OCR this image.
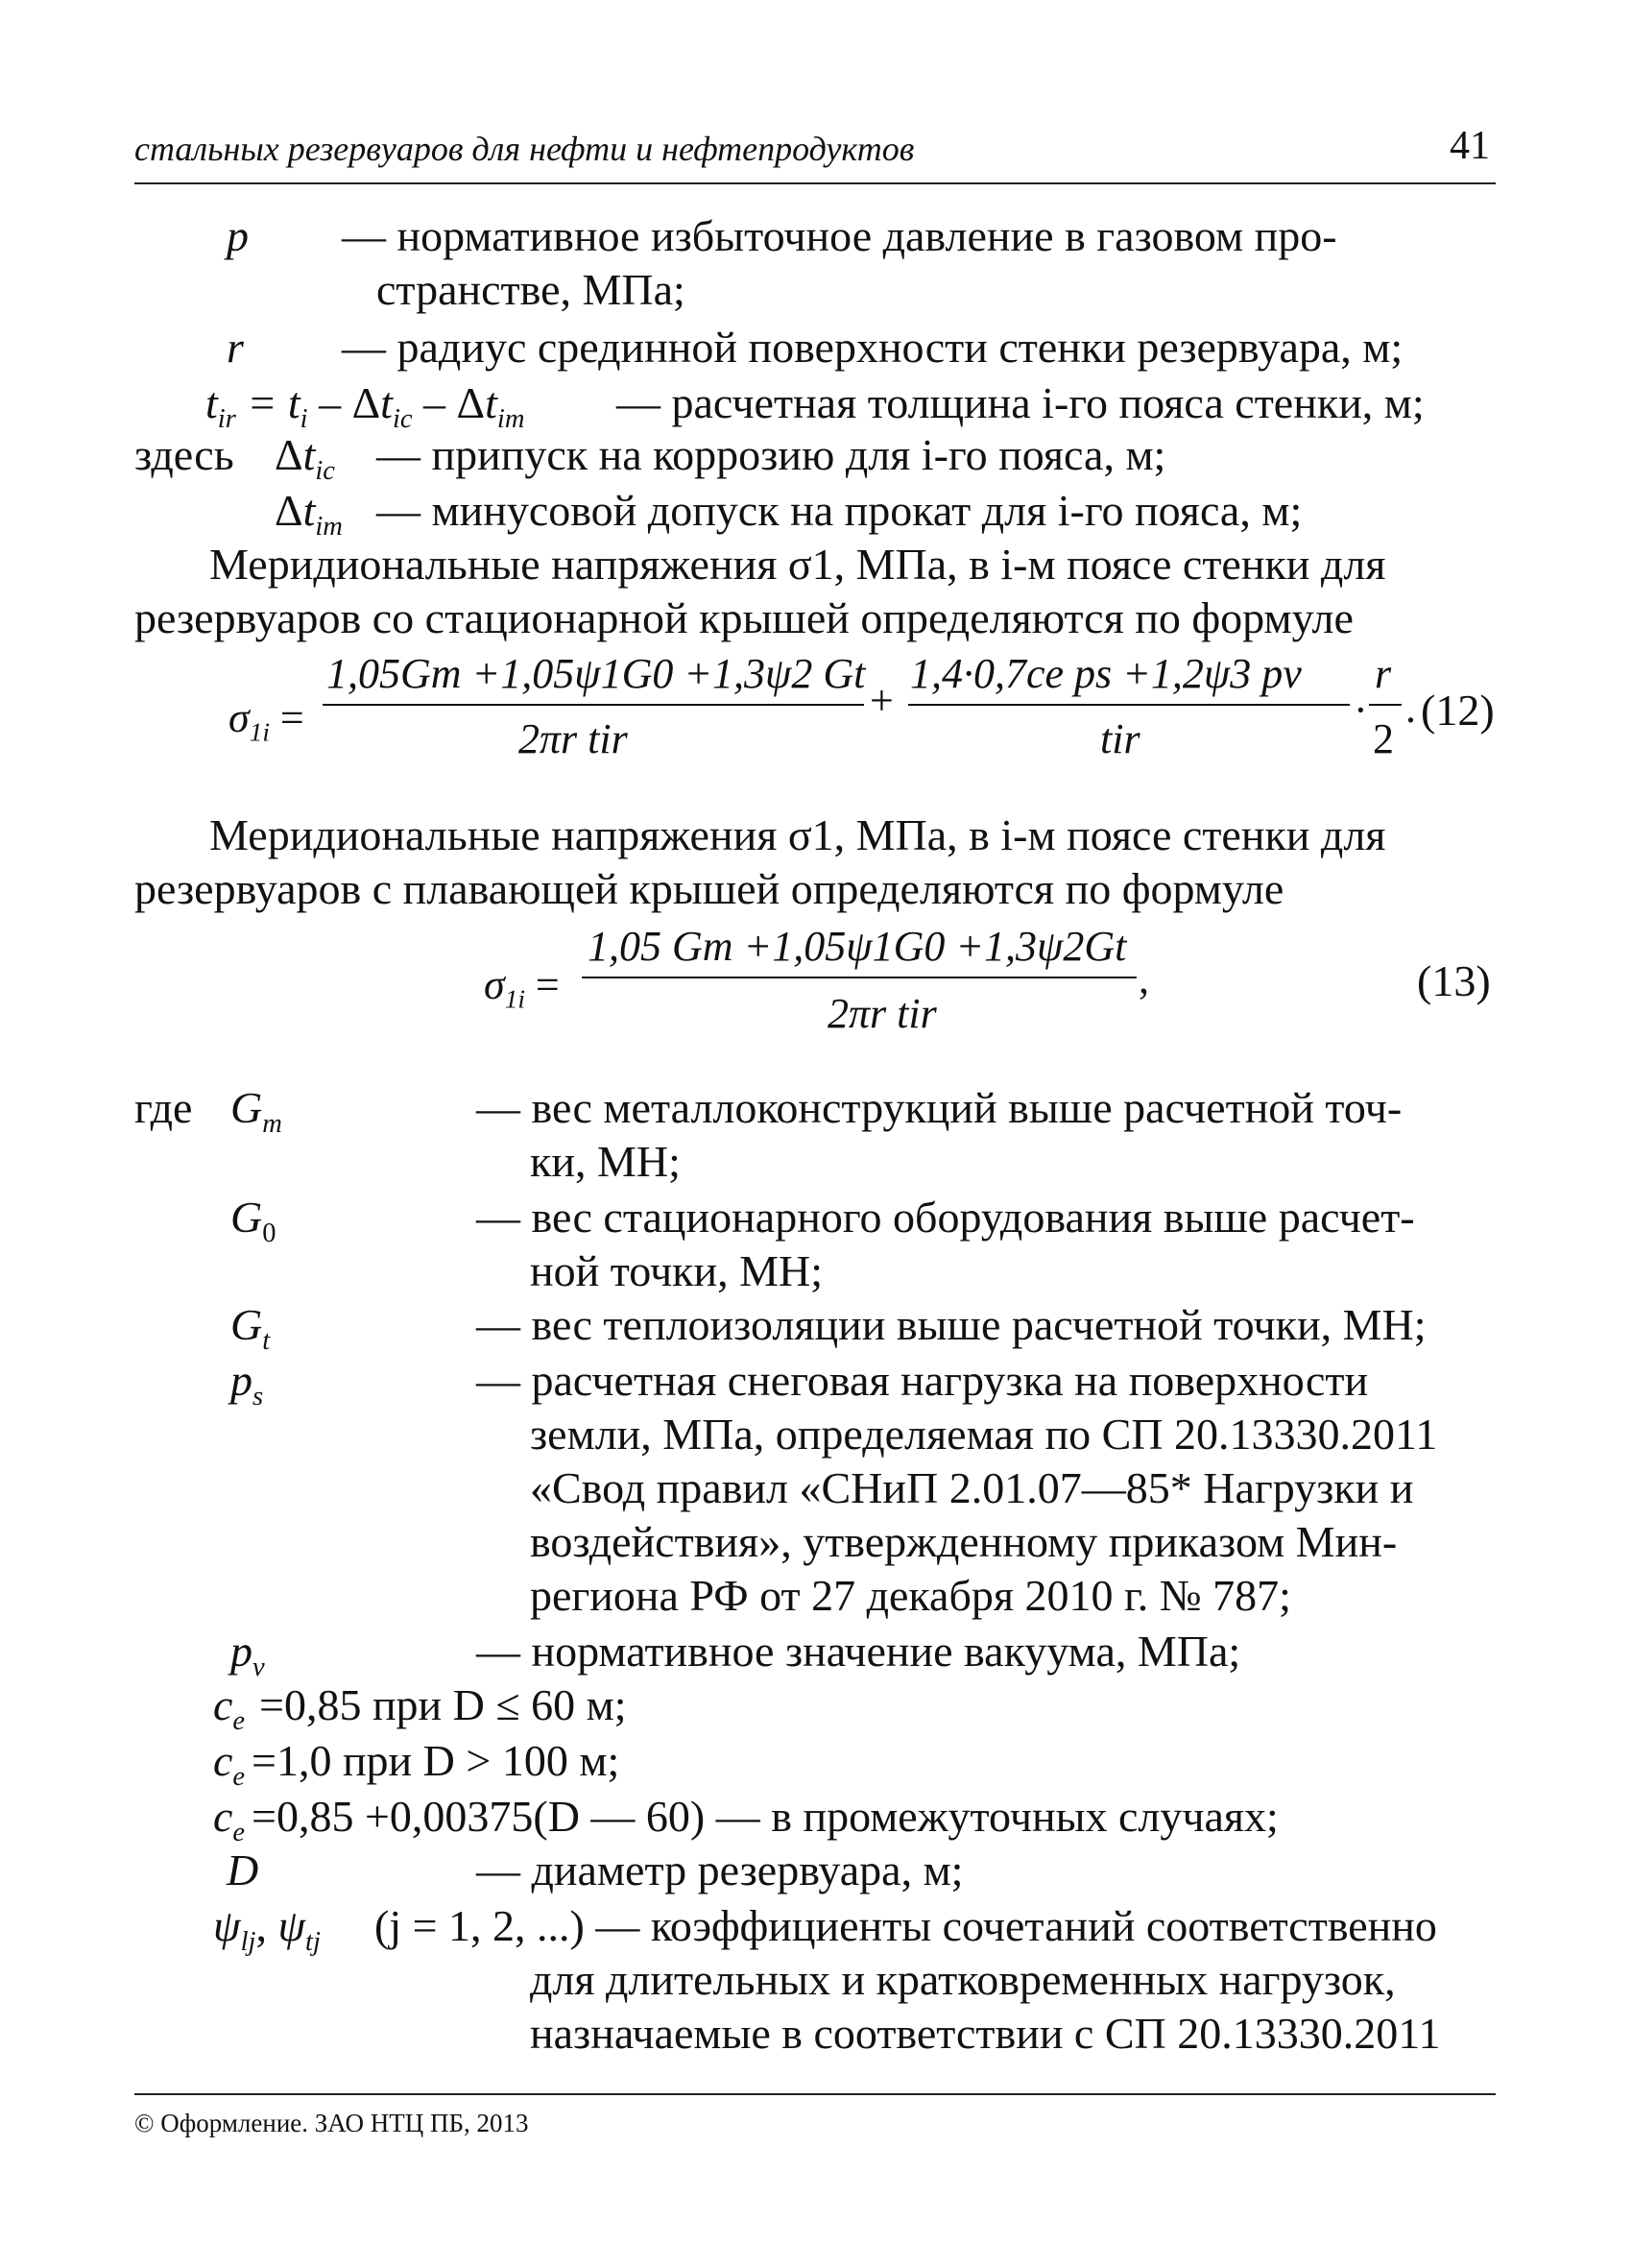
стальных резервуаров для нефти и нефтепродуктов	41
p — нормативное избыточное давление в газовом про-
странстве, МПа;
r — радиус срединной поверхности стенки резервуара, м;
$t_{ir} = t_i - \Delta t_{ic} - \Delta t_{im}$ — расчетная толщина i-го пояса стенки, м;
здесь $\Delta t_{ic}$ — припуск на коррозию для i-го пояса, м;
$\Delta t_{im}$ — минусовой допуск на прокат для i-го пояса, м;
Меридиональные напряжения σ1, МПа, в i-м поясе стенки для
резервуаров со стационарной крышей определяются по формуле
$\sigma_{1i}$ =
1,05Gm +1,05ψ1G0 +1,3ψ2 Gt
2πr tir
+
1,4·0,7ce ps +1,2ψ3 pv
tir
·
r
2
. (12)
Меридиональные напряжения σ1, МПа, в i-м поясе стенки для
резервуаров с плавающей крышей определяются по формуле
$\sigma_{1i}$ =
1,05 Gm +1,05ψ1G0 +1,3ψ2Gt
2πr tir
,	(13)
где $G_m$	— вес металлоконструкций выше расчетной точ-
ки, МН;
$G_0$	— вес стационарного оборудования выше расчет-
ной точки, МН;
$G_t$	— вес теплоизоляции выше расчетной точки, МН;
$p_s$	— расчетная снеговая нагрузка на поверхности
земли, МПа, определяемая по СП 20.13330.2011
«Свод правил «СНиП 2.01.07—85* Нагрузки и
воздействия», утвержденному приказом Мин-
региона РФ от 27 декабря 2010 г. № 787;
$p_v$	— нормативное значение вакуума, МПа;
$c_e =0,85$ при D ≤ 60 м;
$c_e =1,0$ при D > 100 м;
$c_e =0,85 +0,00375(D$ — 60) — в промежуточных случаях;
D	— диаметр резервуара, м;
$\psi_{lj}$, $\psi_{tj}$ (j = 1, 2, ...) — коэффициенты сочетаний соответственно
для длительных и кратковременных нагрузок,
назначаемые в соответствии с СП 20.13330.2011
© Оформление. ЗАО НТЦ ПБ, 2013
